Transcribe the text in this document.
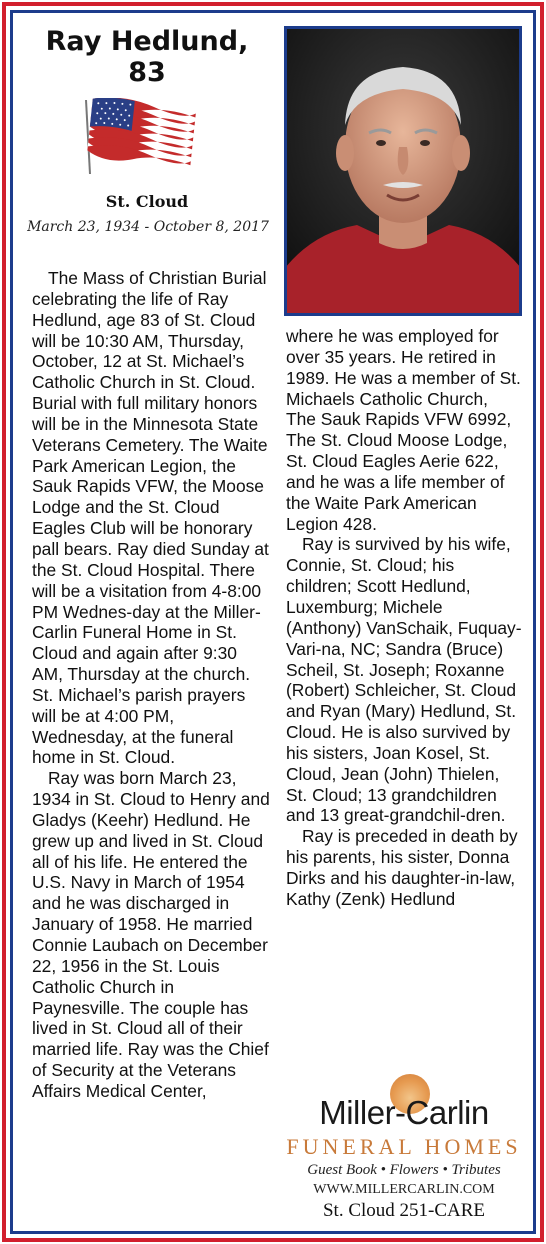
Ray Hedlund,
83
St. Cloud
March 23, 1934 - October 8, 2017

The Mass of Christian Burial celebrating the life of Ray Hedlund, age 83 of St. Cloud will be 10:30 AM, Thursday, October, 12 at St. Michael’s Catholic Church in St. Cloud. Burial with full military honors will be in the Minnesota State Veterans Cemetery. The Waite Park American Legion, the Sauk Rapids VFW, the Moose Lodge and the St. Cloud Eagles Club will be honorary pall bears. Ray died Sunday at the St. Cloud Hospital. There will be a visitation from 4-8:00 PM Wednes-day at the Miller-Carlin Funeral Home in St. Cloud and again after 9:30 AM, Thursday at the church. St. Michael’s parish prayers will be at 4:00 PM, Wednesday, at the funeral home in St. Cloud.

Ray was born March 23, 1934 in St. Cloud to Henry and Gladys (Keehr) Hedlund. He grew up and lived in St. Cloud all of his life. He entered the U.S. Navy in March of 1954 and he was discharged in January of 1958. He married Connie Laubach on December 22, 1956 in the St. Louis Catholic Church in Paynesville. The couple has lived in St. Cloud all of their married life. Ray was the Chief of Security at the Veterans Affairs Medical Center,

where he was employed for over 35 years. He retired in 1989. He was a member of St. Michaels Catholic Church, The Sauk Rapids VFW 6992, The St. Cloud Moose Lodge, St. Cloud Eagles Aerie 622, and he was a life member of the Waite Park American Legion 428.

Ray is survived by his wife, Connie, St. Cloud; his children; Scott Hedlund, Luxemburg; Michele (Anthony) VanSchaik, Fuquay-Vari-na, NC; Sandra (Bruce) Scheil, St. Joseph; Roxanne (Robert) Schleicher, St. Cloud and Ryan (Mary) Hedlund, St. Cloud. He is also survived by his sisters, Joan Kosel, St. Cloud, Jean (John) Thielen, St. Cloud; 13 grandchildren and 13 great-grandchil-dren.

Ray is preceded in death by his parents, his sister, Donna Dirks and his daughter-in-law, Kathy (Zenk) Hedlund

Miller-Carlin
FUNERAL HOMES
Guest Book • Flowers • Tributes
WWW.MILLERCARLIN.COM
St. Cloud 251-CARE
